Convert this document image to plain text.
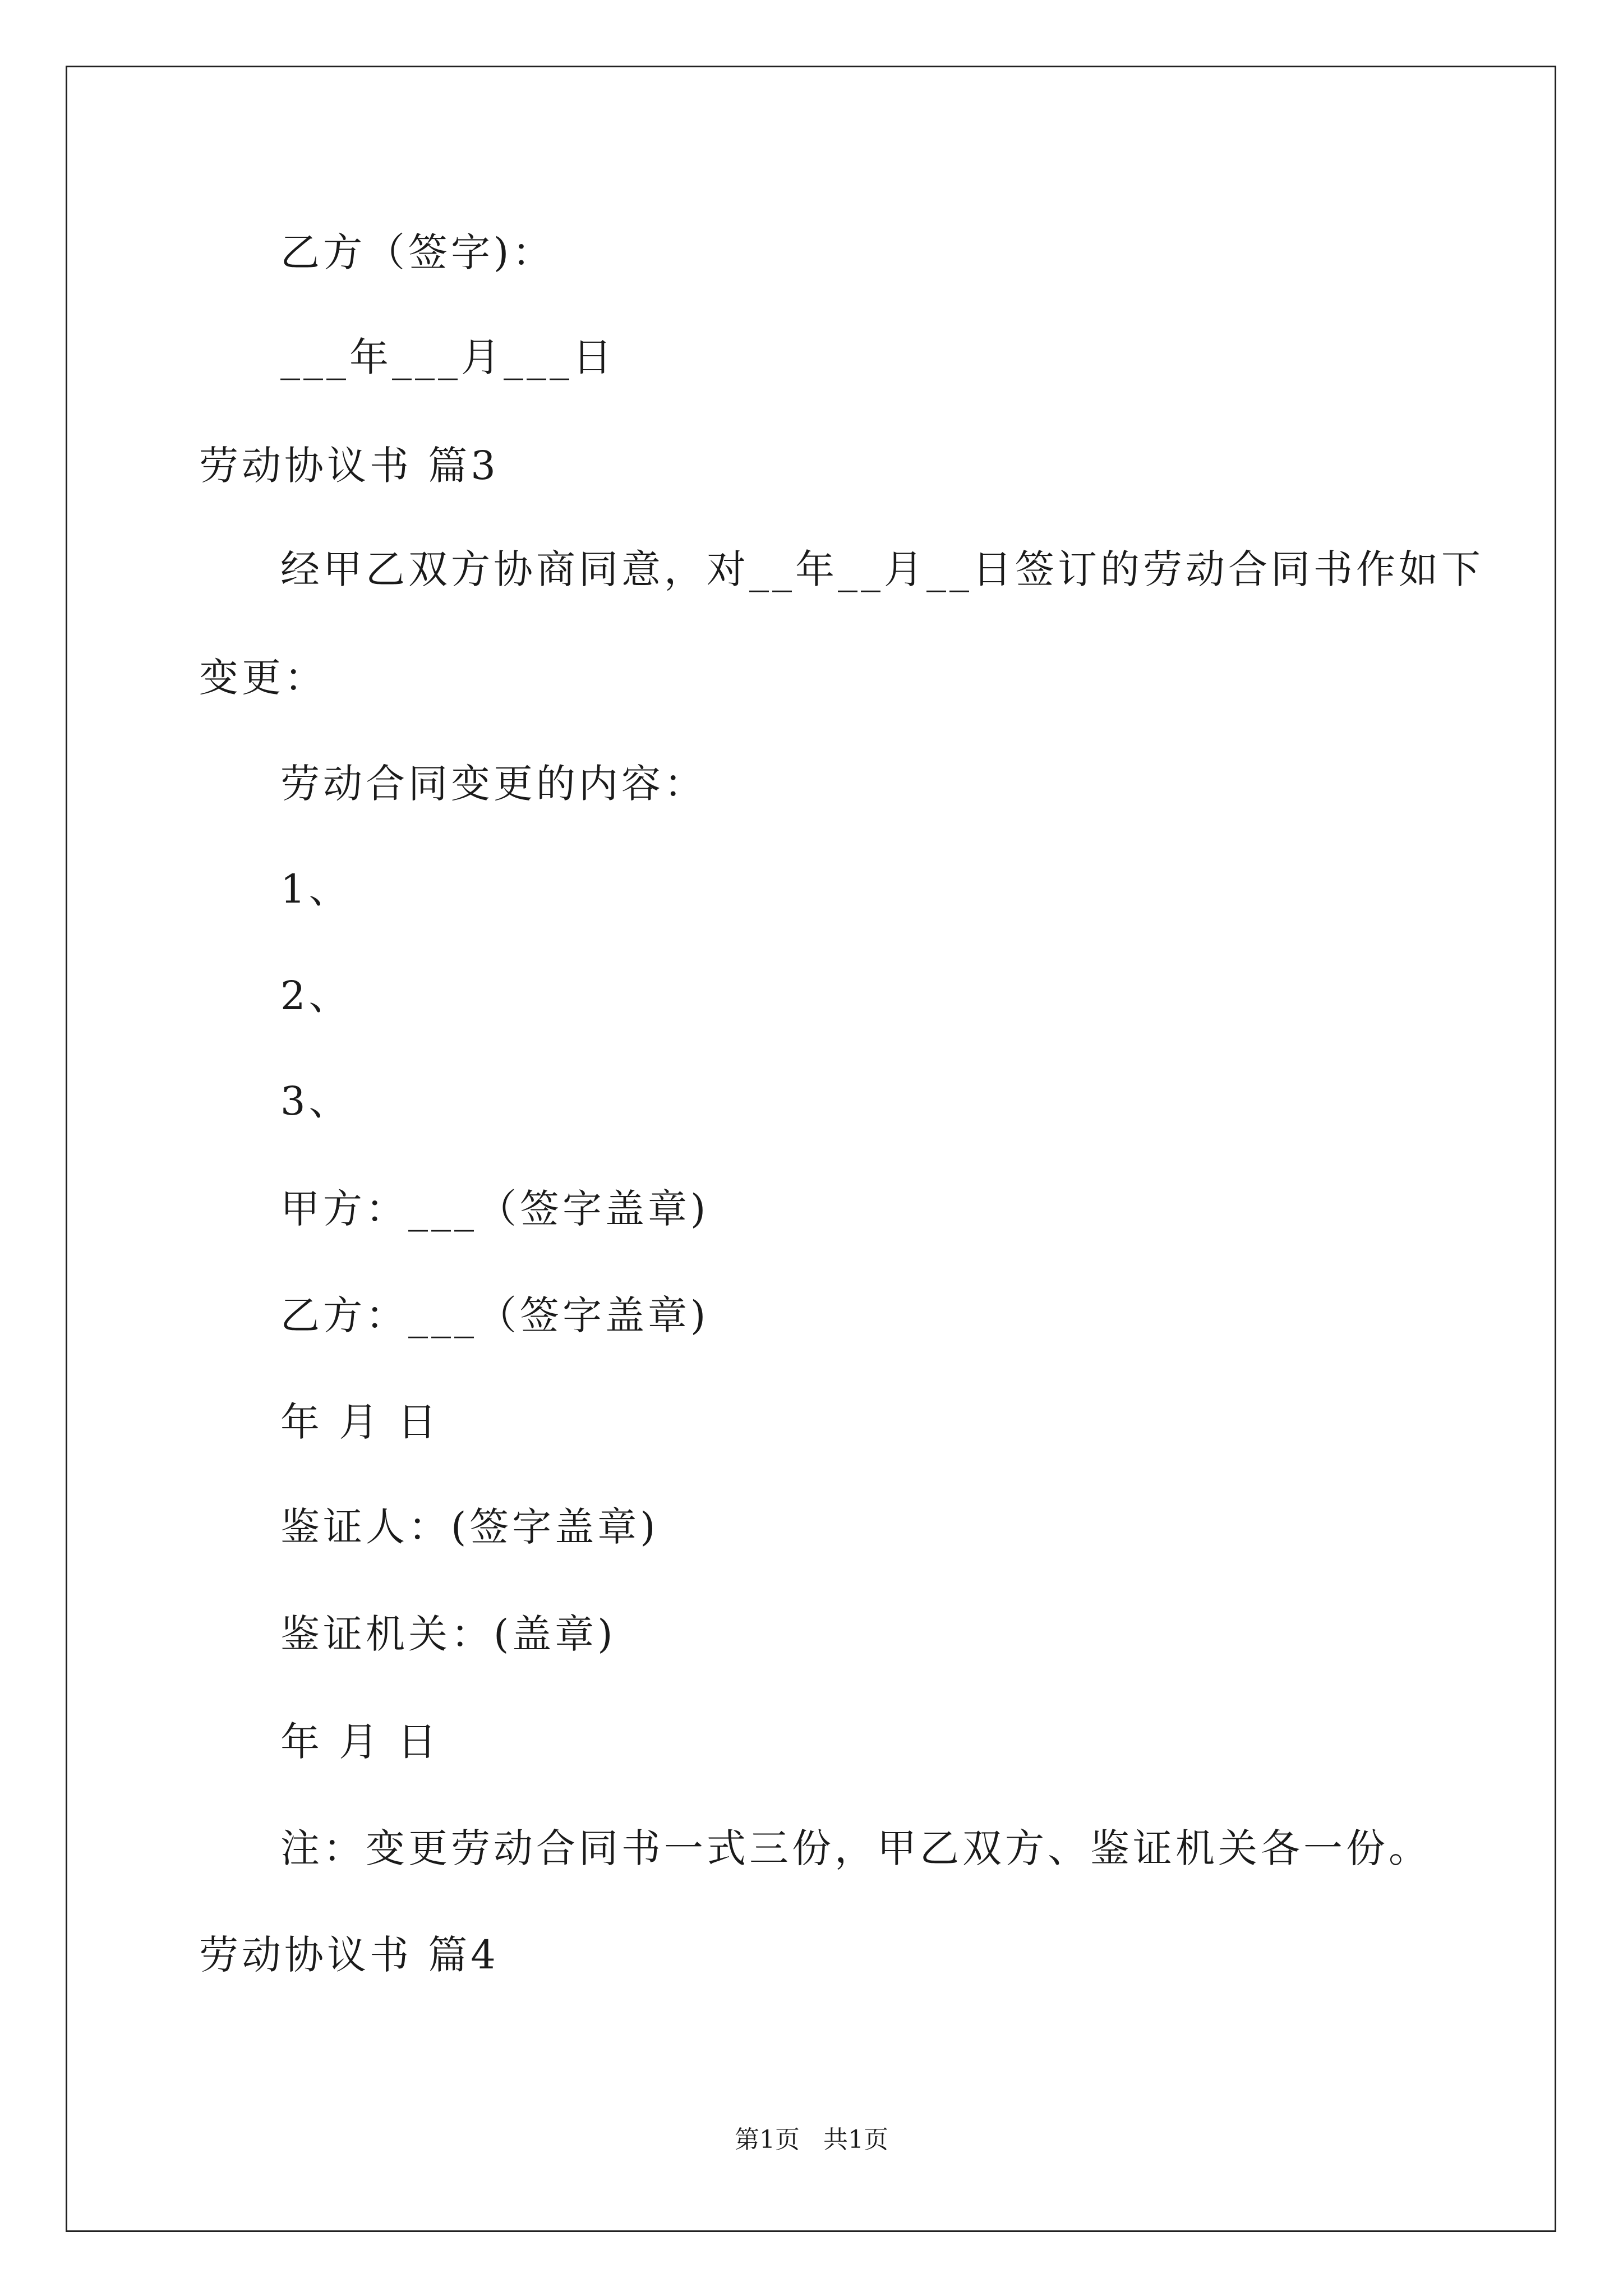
乙方（签字)：
___年___月___日
劳动协议书 篇3
经甲乙双方协商同意，对__年__月__日签订的劳动合同书作如下
变更：
劳动合同变更的内容：
1、
2、
3、
甲方：___（签字盖章)
乙方：___（签字盖章)
年 月 日
鉴证人：(签字盖章)
鉴证机关：(盖章)
年 月 日
注：变更劳动合同书一式三份，甲乙双方、鉴证机关各一份。
劳动协议书 篇4
第1页   共1页
